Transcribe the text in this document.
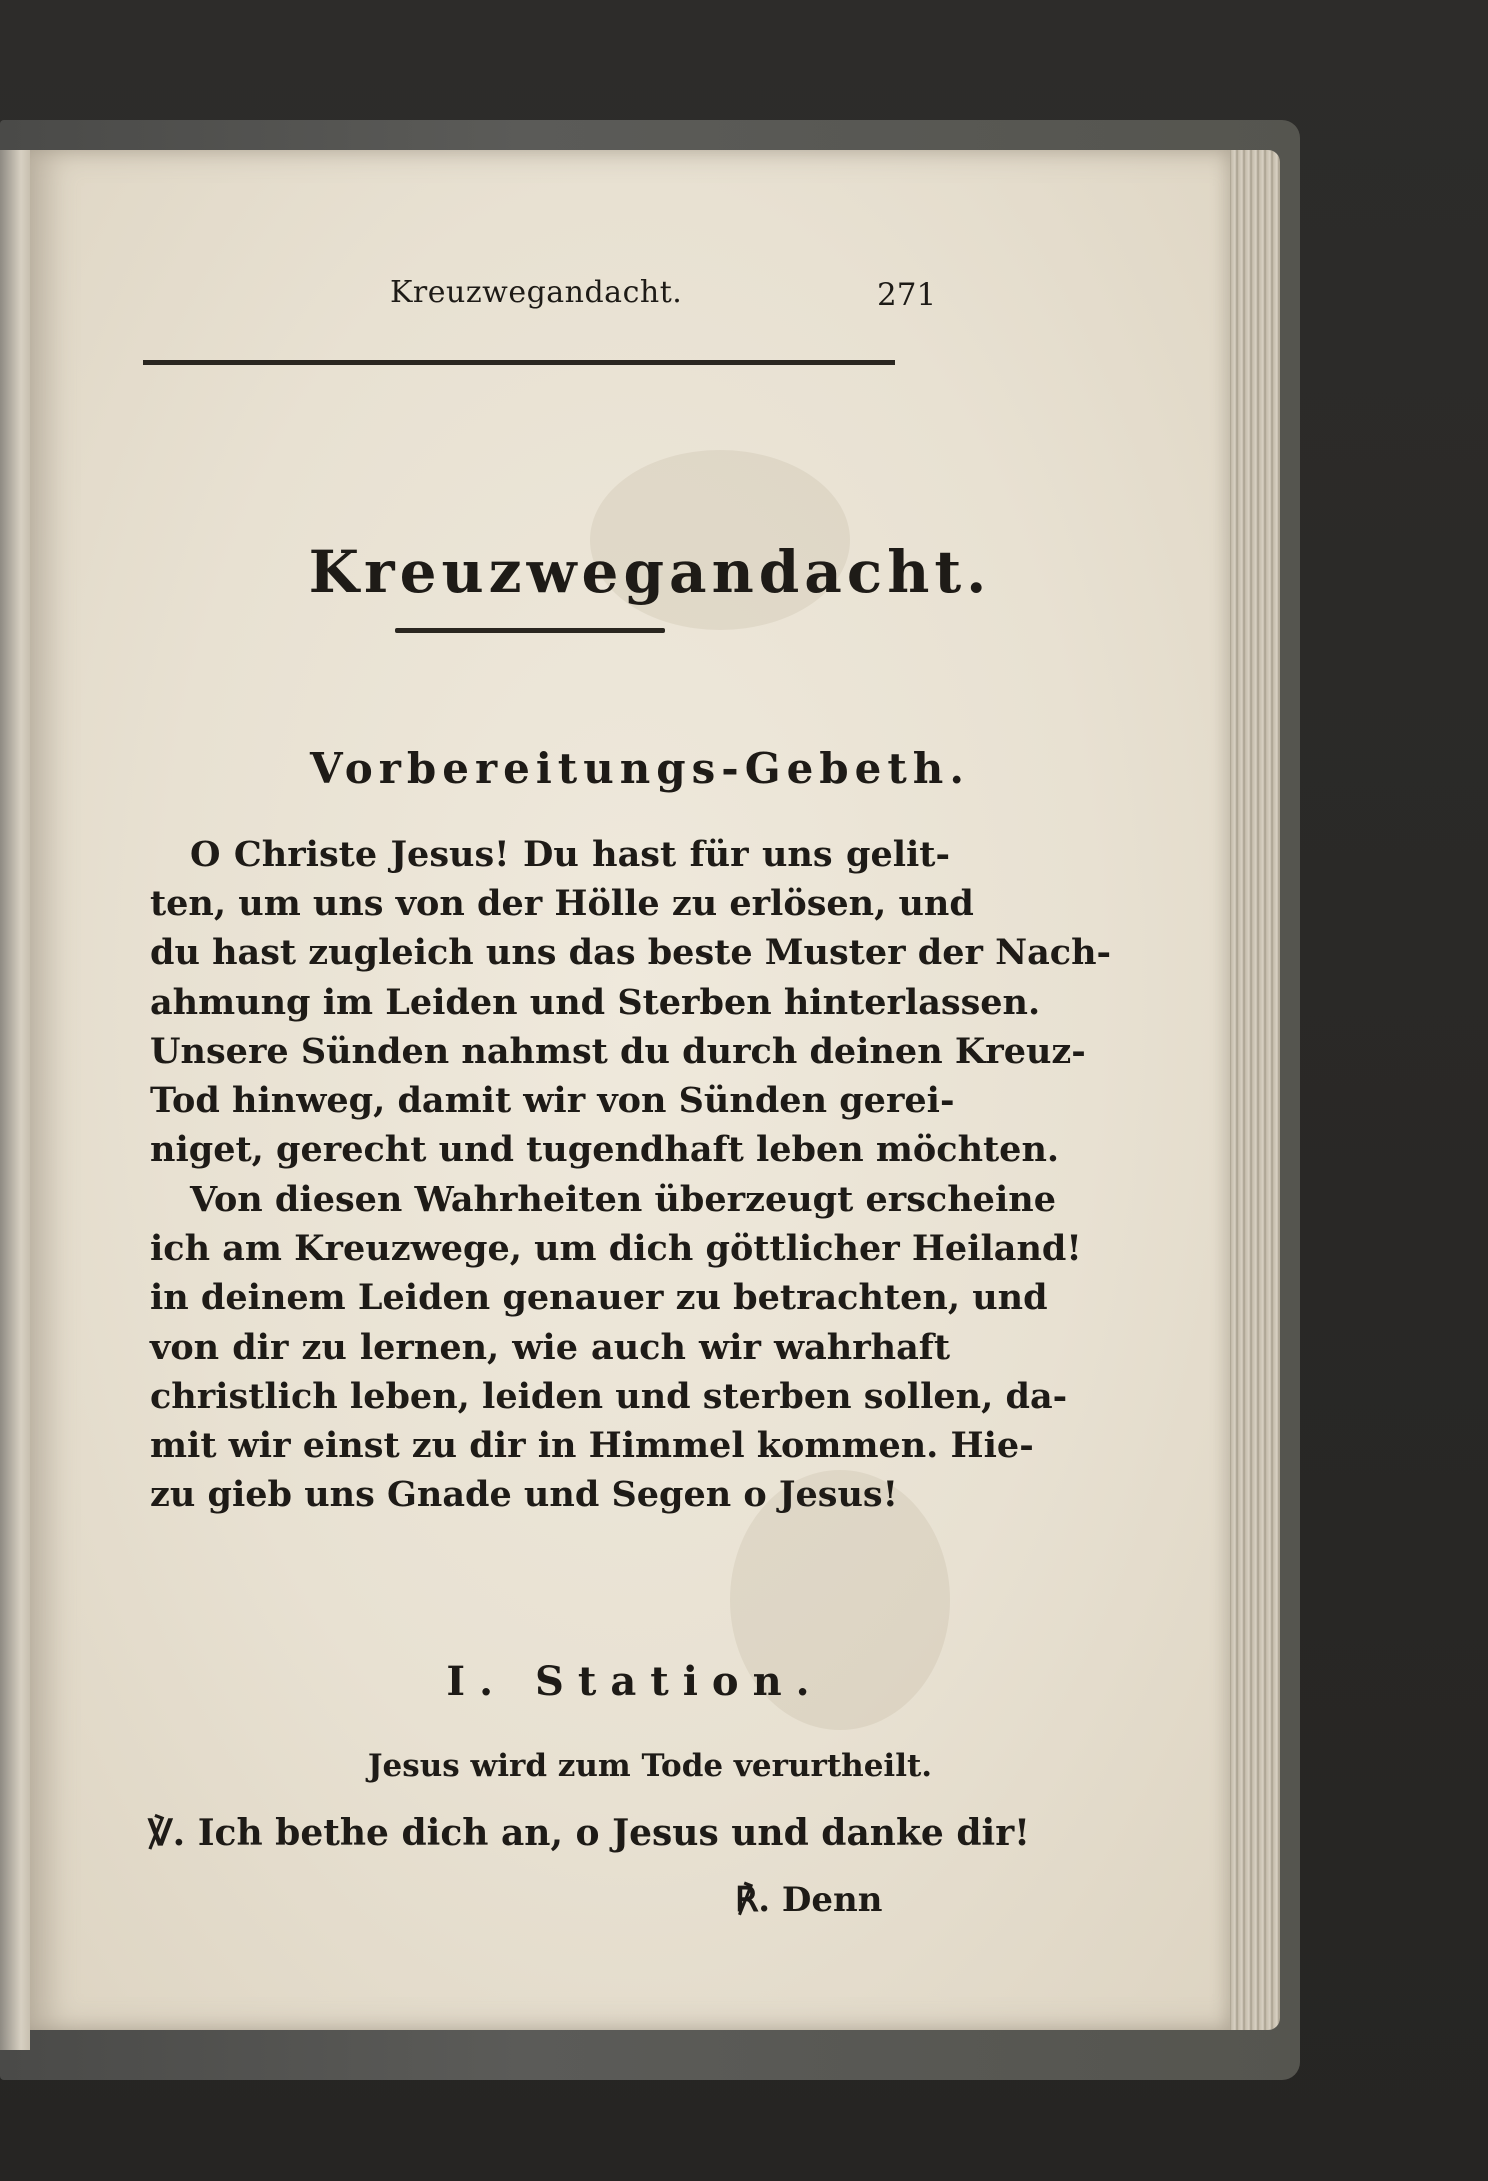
Kreuzwegandacht.	271
Kreuzwegandacht.
Vorbereitungs-Gebeth.
O Christe Jesus! Du hast für uns gelit-
ten, um uns von der Hölle zu erlösen, und
du hast zugleich uns das beste Muster der Nach-
ahmung im Leiden und Sterben hinterlassen.
Unsere Sünden nahmst du durch deinen Kreuz-
Tod hinweg, damit wir von Sünden gerei-
niget, gerecht und tugendhaft leben möchten.
Von diesen Wahrheiten überzeugt erscheine
ich am Kreuzwege, um dich göttlicher Heiland!
in deinem Leiden genauer zu betrachten, und
von dir zu lernen, wie auch wir wahrhaft
christlich leben, leiden und sterben sollen, da-
mit wir einst zu dir in Himmel kommen. Hie-
zu gieb uns Gnade und Segen o Jesus!
I. Station.
Jesus wird zum Tode verurtheilt.
℣. Ich bethe dich an, o Jesus und danke dir!
℟. Denn
